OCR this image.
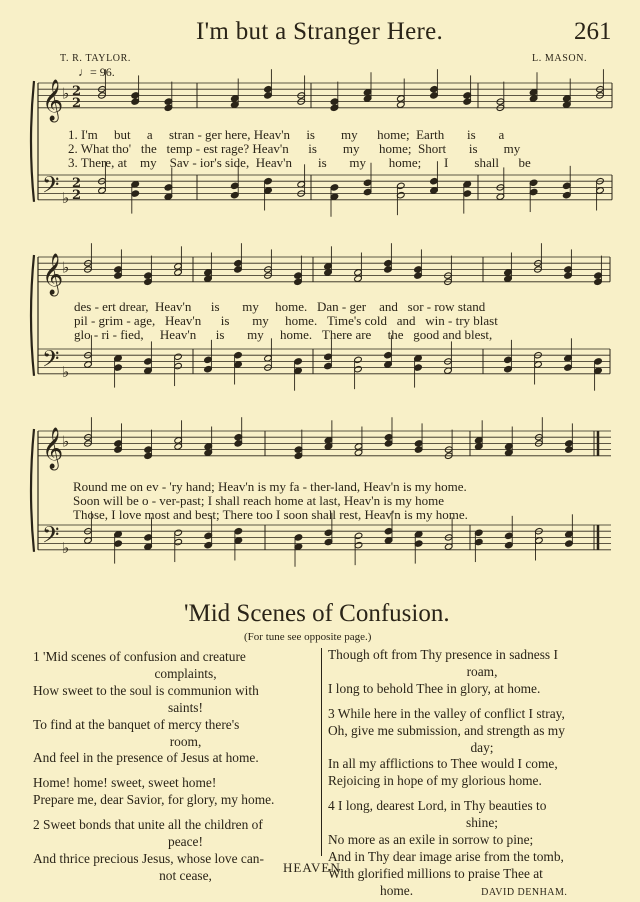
I'm but a Stranger Here.	261
T. R. TAYLOR.	L. MASON.
♩= 96.
𝄞
𝄢
♭
♭
2
2
2
2
𝄞
𝄢
♭
♭
𝄞
𝄢
♭
♭
1. I'm but a stran - ger here, Heav'n is my home; Earth is a
2. What tho' the temp - est rage? Heav'n is my home; Short is my
3. There, at my Sav - ior's side, Heav'n is my home; I shall be
des - ert drear, Heav'n is my home. Dan - ger and sor - row stand
pil - grim - age, Heav'n is my home. Time's cold and win - try blast
glo - ri - fied, Heav'n is my home. There are the good and blest,
Round me on ev - 'ry hand; Heav'n is my fa - ther-land, Heav'n is my home.
Soon will be o - ver-past; I shall reach home at last, Heav'n is my home
Those, I love most and best; There too I soon shall rest, Heav'n is my home.
'Mid Scenes of Confusion.
(For tune see opposite page.)
1 'Mid scenes of confusion and creature
complaints,
How sweet to the soul is communion with
saints!
To find at the banquet of mercy there's
room,
And feel in the presence of Jesus at home.
Home! home! sweet, sweet home!
Prepare me, dear Savior, for glory, my home.
2 Sweet bonds that unite all the children of
peace!
And thrice precious Jesus, whose love can-
not cease,
Though oft from Thy presence in sadness I
roam,
I long to behold Thee in glory, at home.
3 While here in the valley of conflict I stray,
Oh, give me submission, and strength as my
day;
In all my afflictions to Thee would I come,
Rejoicing in hope of my glorious home.
4 I long, dearest Lord, in Thy beauties to
shine;
No more as an exile in sorrow to pine;
And in Thy dear image arise from the tomb,
With glorified millions to praise Thee at
home.	DAVID DENHAM.
HEAVEN.
